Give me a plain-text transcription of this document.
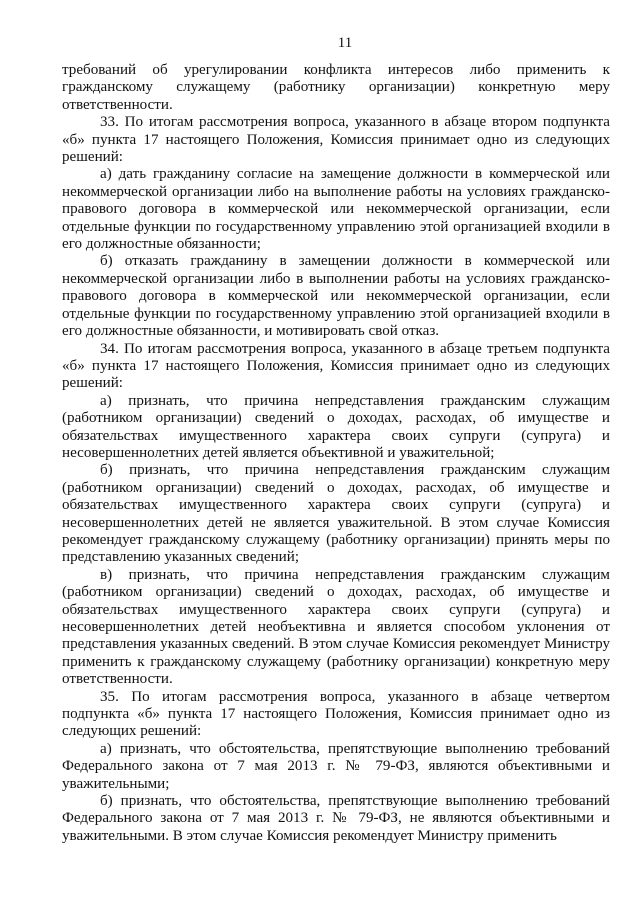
11

требований об урегулировании конфликта интересов либо применить к гражданскому служащему (работнику организации) конкретную меру ответственности.

33. По итогам рассмотрения вопроса, указанного в абзаце втором подпункта «б» пункта 17 настоящего Положения, Комиссия принимает одно из следующих решений:

а) дать гражданину согласие на замещение должности в коммерческой или некоммерческой организации либо на выполнение работы на условиях гражданско-правового договора в коммерческой или некоммерческой организации, если отдельные функции по государственному управлению этой организацией входили в его должностные обязанности;

б) отказать гражданину в замещении должности в коммерческой или некоммерческой организации либо в выполнении работы на условиях гражданско-правового договора в коммерческой или некоммерческой организации, если отдельные функции по государственному управлению этой организацией входили в его должностные обязанности, и мотивировать свой отказ.

34. По итогам рассмотрения вопроса, указанного в абзаце третьем подпункта «б» пункта 17 настоящего Положения, Комиссия принимает одно из следующих решений:

а) признать, что причина непредставления гражданским служащим (работником организации) сведений о доходах, расходах, об имуществе и обязательствах имущественного характера своих супруги (супруга) и несовершеннолетних детей является объективной и уважительной;

б) признать, что причина непредставления гражданским служащим (работником организации) сведений о доходах, расходах, об имуществе и обязательствах имущественного характера своих супруги (супруга) и несовершеннолетних детей не является уважительной. В этом случае Комиссия рекомендует гражданскому служащему (работнику организации) принять меры по представлению указанных сведений;

в) признать, что причина непредставления гражданским служащим (работником организации) сведений о доходах, расходах, об имуществе и обязательствах имущественного характера своих супруги (супруга) и несовершеннолетних детей необъективна и является способом уклонения от представления указанных сведений. В этом случае Комиссия рекомендует Министру применить к гражданскому служащему (работнику организации) конкретную меру ответственности.

35. По итогам рассмотрения вопроса, указанного в абзаце четвертом подпункта «б» пункта 17 настоящего Положения, Комиссия принимает одно из следующих решений:

а) признать, что обстоятельства, препятствующие выполнению требований Федерального закона от 7 мая 2013 г. № 79-ФЗ, являются объективными и уважительными;

б) признать, что обстоятельства, препятствующие выполнению требований Федерального закона от 7 мая 2013 г. № 79-ФЗ, не являются объективными и уважительными. В этом случае Комиссия рекомендует Министру применить
